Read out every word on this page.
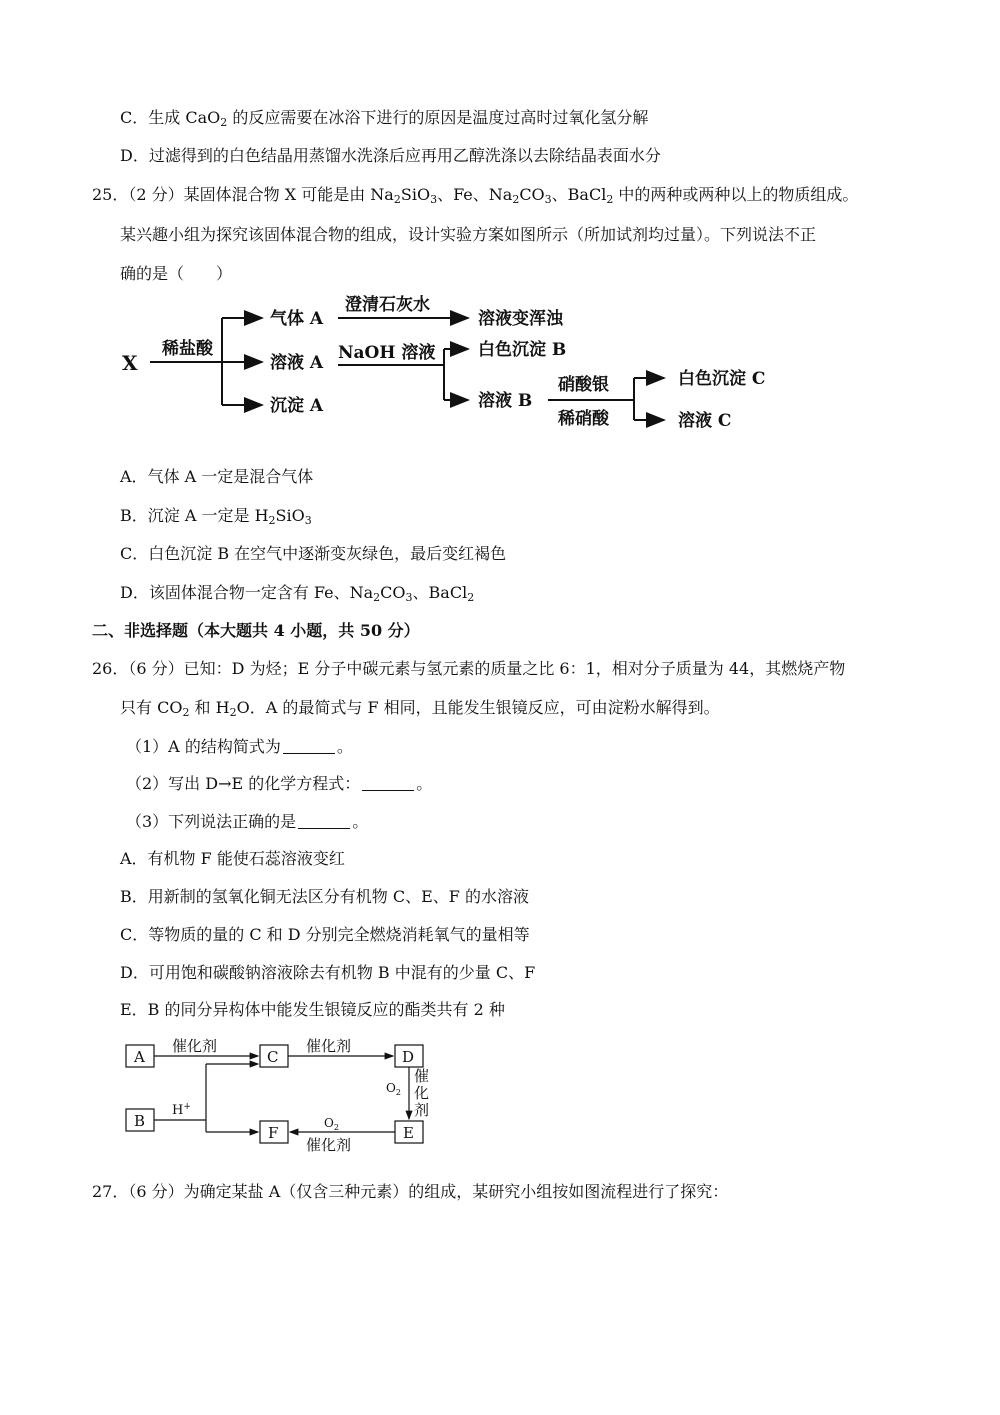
C．生成 CaO$_2$ 的反应需要在冰浴下进行的原因是温度过高时过氧化氢分解
D．过滤得到的白色结晶用蒸馏水洗涤后应再用乙醇洗涤以去除结晶表面水分
25．（2 分）某固体混合物 X 可能是由 $Na_2SiO_3$、Fe、$Na_2CO_3$、BaCl$_2$ 中的两种或两种以上的物质组成。
某兴趣小组为探究该固体混合物的组成，设计实验方案如图所示（所加试剂均过量）。下列说法不正
确的是（　　）
X
稀盐酸
气体 A
溶液 A
沉淀 A
澄清石灰水
溶液变浑浊
NaOH 溶液	白色沉淀 B
溶液 B
硝酸银
稀硝酸
白色沉淀 C
溶液 C
A．气体 A 一定是混合气体
B．沉淀 A 一定是 $H_2SiO_3$
C．白色沉淀 B 在空气中逐渐变灰绿色，最后变红褐色
D．该固体混合物一定含有 Fe、$Na_2CO_3$、BaCl$_2$
二、非选择题（本大题共 4 小题，共 50 分）
26．（6 分）已知：D 为烃；E 分子中碳元素与氢元素的质量之比 6：1，相对分子质量为 44，其燃烧产物
只有 $CO_2$ 和 $H_2O$．A 的最简式与 F 相同，且能发生银镜反应，可由淀粉水解得到。
（1）A 的结构简式为	。
（2）写出 D→E 的化学方程式：	。
（3）下列说法正确的是	。
A．有机物 F 能使石蕊溶液变红
B．用新制的氢氧化铜无法区分有机物 C、E、F 的水溶液
C．等物质的量的 C 和 D 分别完全燃烧消耗氧气的量相等
D．可用饱和碳酸钠溶液除去有机物 B 中混有的少量 C、F
E．B 的同分异构体中能发生银镜反应的酯类共有 2 种
A	C	D
B
F	E
催化剂	催化剂
催化剂
H+
$O_2$
$O_2$
催
化
剂
27．（6 分）为确定某盐 A（仅含三种元素）的组成，某研究小组按如图流程进行了探究：
